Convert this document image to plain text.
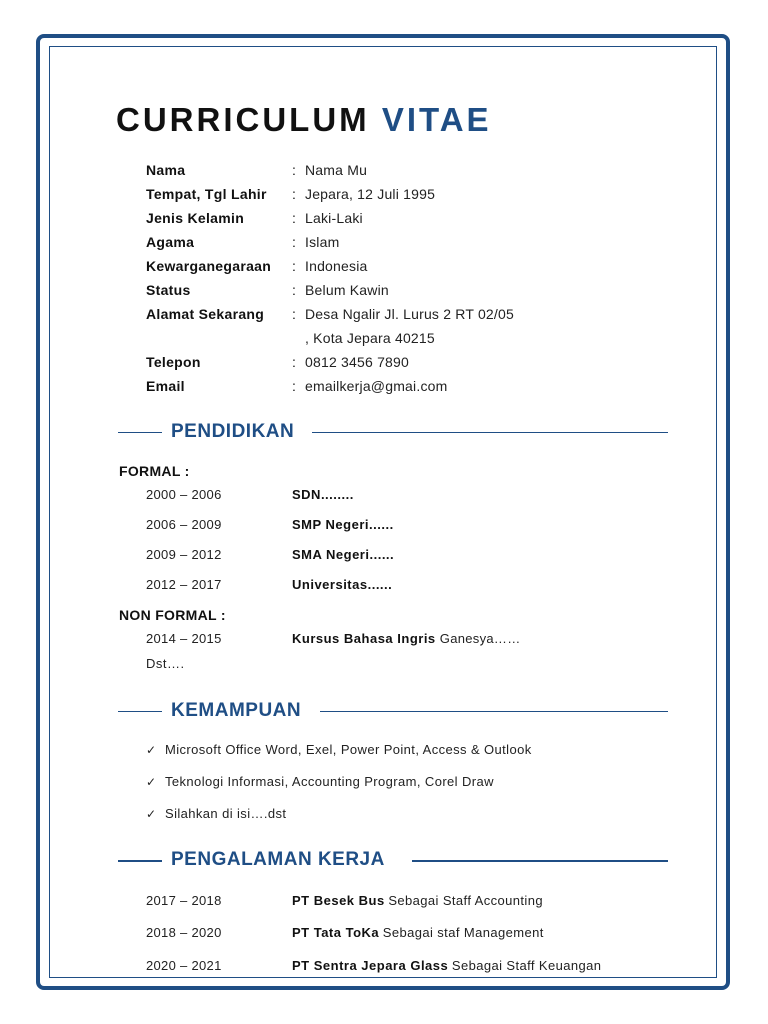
CURRICULUM VITAE
Nama	: Nama Mu
Tempat, Tgl Lahir : Jepara, 12 Juli 1995
Jenis Kelamin	: Laki-Laki
Agama	: Islam
Kewarganegaraan : Indonesia
Status	: Belum Kawin
Alamat Sekarang : Desa Ngalir Jl. Lurus 2 RT 02/05
, Kota Jepara 40215
Telepon	: 0812 3456 7890
Email	: emailkerja@gmai.com
PENDIDIKAN
FORMAL :
2000 – 2006	SDN........
2006 – 2009	SMP Negeri......
2009 – 2012	SMA Negeri......
2012 – 2017	Universitas......
NON FORMAL :
2014 – 2015	Kursus Bahasa Ingris Ganesya……
Dst….
KEMAMPUAN
✓ Microsoft Office Word, Exel, Power Point, Access & Outlook
✓ Teknologi Informasi, Accounting Program, Corel Draw
✓ Silahkan di isi….dst
PENGALAMAN KERJA
2017 – 2018	PT Besek Bus Sebagai Staff Accounting
2018 – 2020	PT Tata ToKa Sebagai staf Management
2020 – 2021	PT Sentra Jepara Glass Sebagai Staff Keuangan
